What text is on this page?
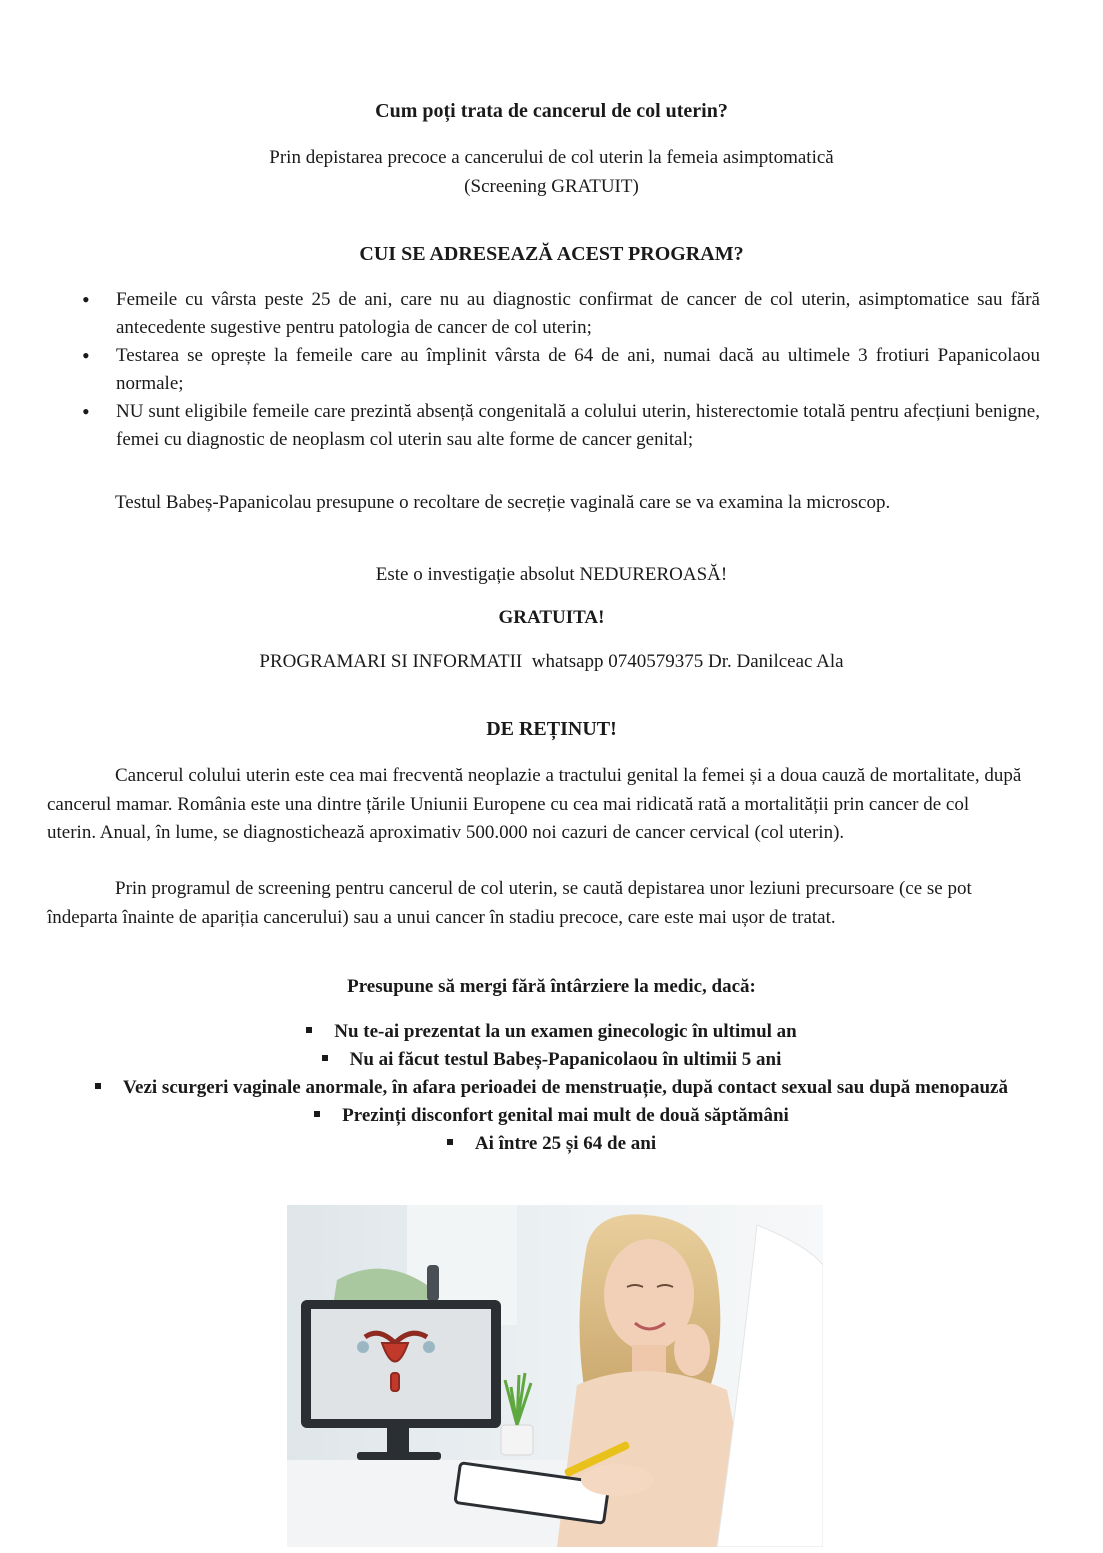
Cum poți trata de cancerul de col uterin?
Prin depistarea precoce a cancerului de col uterin la femeia asimptomatică
(Screening GRATUIT)
CUI SE ADRESEAZĂ ACEST PROGRAM?
• Femeile cu vârsta peste 25 de ani, care nu au diagnostic confirmat de cancer de col uterin, asimptomatice sau fără antecedente sugestive pentru patologia de cancer de col uterin;
• Testarea se oprește la femeile care au împlinit vârsta de 64 de ani, numai dacă au ultimele 3 frotiuri Papanicolaou normale;
• NU sunt eligibile femeile care prezintă absență congenitală a colului uterin, histerectomie totală pentru afecțiuni benigne, femei cu diagnostic de neoplasm col uterin sau alte forme de cancer genital;
Testul Babeș-Papanicolau presupune o recoltare de secreție vaginală care se va examina la microscop.
Este o investigație absolut NEDUREROASĂ!
GRATUITA!
PROGRAMARI SI INFORMATII  whatsapp 0740579375 Dr. Danilceac Ala
DE REȚINUT!
Cancerul colului uterin este cea mai frecventă neoplazie a tractului genital la femei și a doua cauză de mortalitate, după cancerul mamar. România este una dintre țările Uniunii Europene cu cea mai ridicată rată a mortalității prin cancer de col uterin. Anual, în lume, se diagnostichează aproximativ 500.000 noi cazuri de cancer cervical (col uterin).
Prin programul de screening pentru cancerul de col uterin, se caută depistarea unor leziuni precursoare (ce se pot îndeparta înainte de apariția cancerului) sau a unui cancer în stadiu precoce, care este mai ușor de tratat.
Presupune să mergi fără întârziere la medic, dacă:
Nu te-ai prezentat la un examen ginecologic în ultimul an
Nu ai făcut testul Babeș-Papanicolaou în ultimii 5 ani
Vezi scurgeri vaginale anormale, în afara perioadei de menstruație, după contact sexual sau după menopauză
Prezinți disconfort genital mai mult de două săptămâni
Ai între 25 și 64 de ani
